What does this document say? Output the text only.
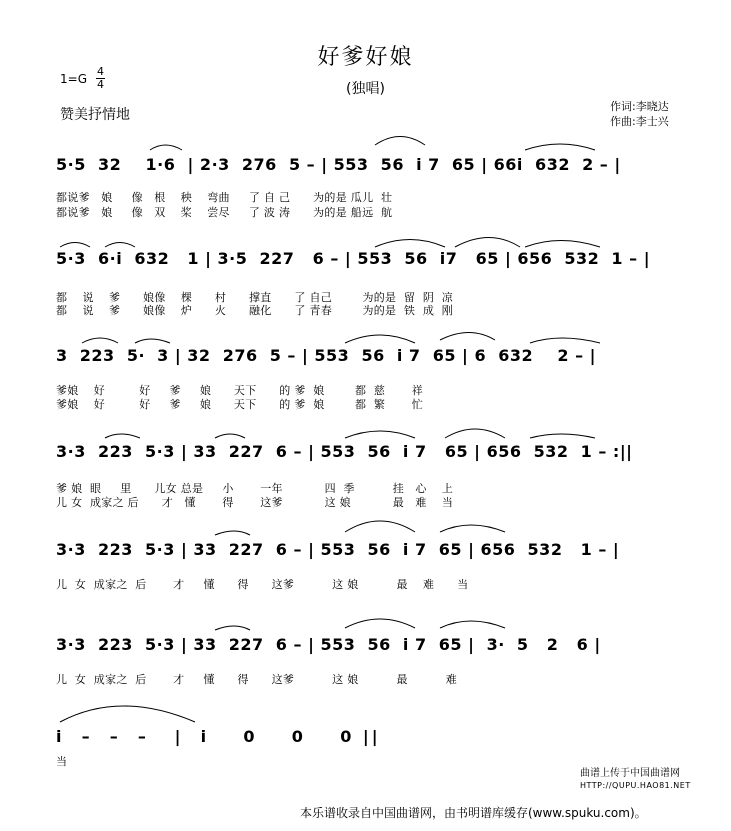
好爹好娘
(独唱)
1=G
4
4
赞美抒情地
作词:李晓达
作曲:李士兴
5·5  32    1·6  | 2·3  276  5 – | 553  56  i 7  65 | 66i  632  2 – |
都说爹   娘     像   根    秧    弯曲     了 自 己      为的是 瓜儿  壮
都说爹   娘     像   双    桨    尝尽     了 波 涛      为的是 船远  航
5·3  6·i  632   1 | 3·5  227   6 – | 553  56  i7   65 | 656  532  1 – |
都    说    爹      娘像    棵      村      撑直      了 自己        为的是  留  阴  凉
都    说    爹      娘像    炉      火      融化      了 青春        为的是  铁  成  刚
3  223  5·  3 | 32  276  5 – | 553  56  i 7  65 | 6  632    2 – |
爹娘    好         好     爹     娘      天下      的 爹  娘        都  慈       祥
爹娘    好         好     爹     娘      天下      的 爹  娘        都  繁       忙
3·3  223  5·3 | 33  227  6 – | 553  56  i 7   65 | 656  532  1 – :||
爹 娘  眼     里      儿女 总是     小       一年           四  季          挂   心    上
儿 女  成家之 后      才   懂       得       这爹           这 娘           最   难    当
3·3  223  5·3 | 33  227  6 – | 553  56  i 7  65 | 656  532   1 – |
儿  女  成家之  后       才     懂      得      这爹          这 娘          最    难      当
3·3  223  5·3 | 33  227  6 – | 553  56  i 7  65 |  3·  5   2   6 |
儿  女  成家之  后       才     懂      得      这爹          这 娘          最          难
i  –  –  –   |  i    0    0    0 ||
当
曲谱上传于中国曲谱网
HTTP://QUPU.HAO81.NET
本乐谱收录自中国曲谱网，由书明谱库缓存(www.spuku.com)。
